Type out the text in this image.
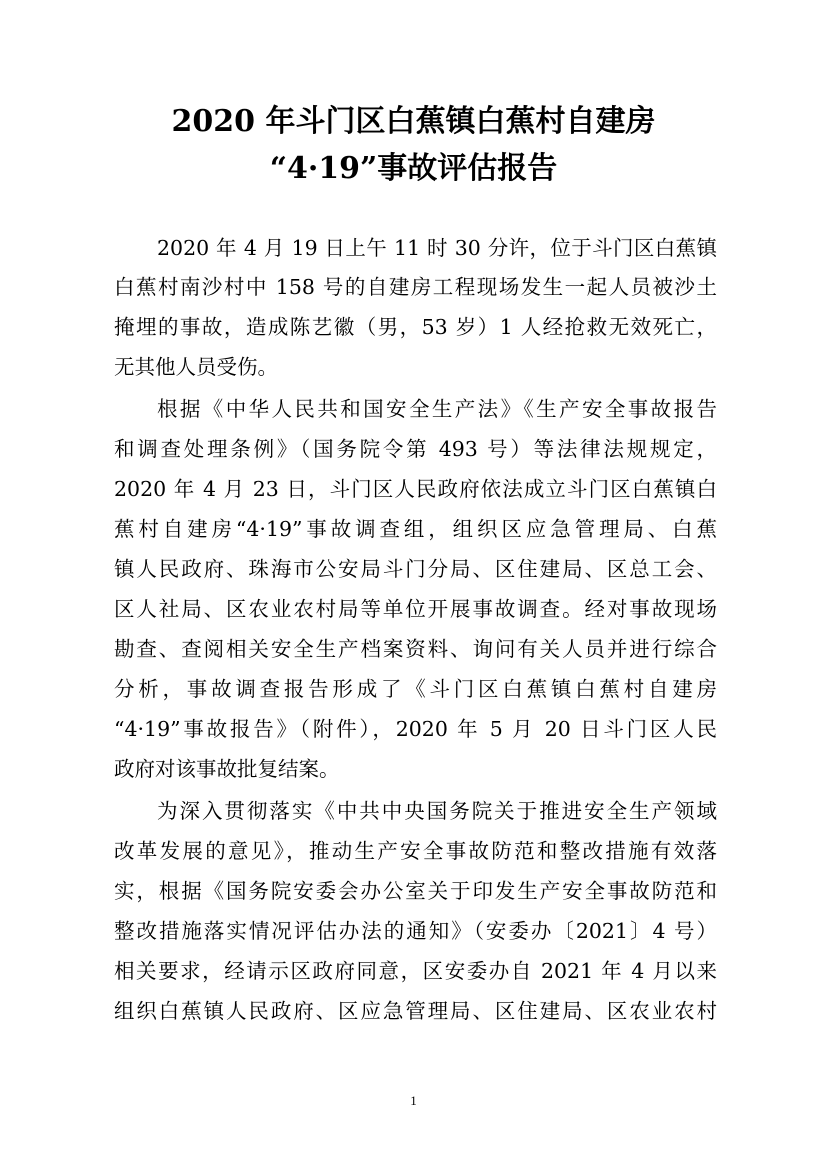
2020 年斗门区白蕉镇白蕉村自建房
“4·19”事故评估报告
2020 年 4 月 19 日上午 11 时 30 分许，位于斗门区白蕉镇
白蕉村南沙村中 158 号的自建房工程现场发生一起人员被沙土
掩埋的事故，造成陈艺徽（男，53 岁）1 人经抢救无效死亡，
无其他人员受伤。
根据《中华人民共和国安全生产法》《生产安全事故报告
和调查处理条例》（国务院令第 493 号）等法律法规规定，
2020 年 4 月 23 日，斗门区人民政府依法成立斗门区白蕉镇白
蕉村自建房“4·19”事故调查组，组织区应急管理局、白蕉
镇人民政府、珠海市公安局斗门分局、区住建局、区总工会、
区人社局、区农业农村局等单位开展事故调查。经对事故现场
勘查、查阅相关安全生产档案资料、询问有关人员并进行综合
分析，事故调查报告形成了《斗门区白蕉镇白蕉村自建房
“4·19”事故报告》（附件），2020 年 5 月 20 日斗门区人民
政府对该事故批复结案。
为深入贯彻落实《中共中央国务院关于推进安全生产领域
改革发展的意见》，推动生产安全事故防范和整改措施有效落
实，根据《国务院安委会办公室关于印发生产安全事故防范和
整改措施落实情况评估办法的通知》（安委办〔2021〕4 号）
相关要求，经请示区政府同意，区安委办自 2021 年 4 月以来
组织白蕉镇人民政府、区应急管理局、区住建局、区农业农村
1
